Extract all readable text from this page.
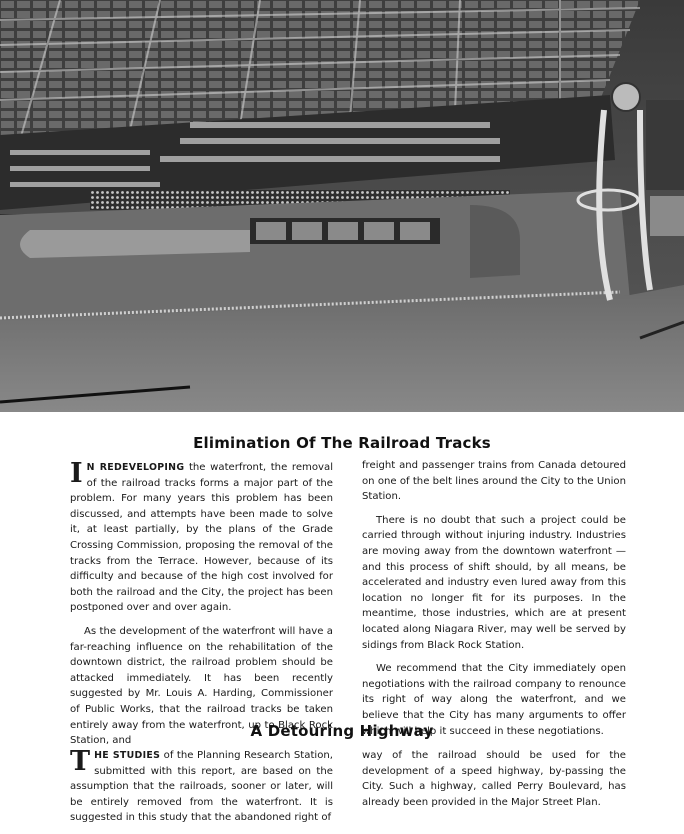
Elimination Of The Railroad Tracks

I N REDEVELOPING the waterfront, the removal of the railroad tracks forms a major part of the problem. For many years this problem has been discussed, and attempts have been made to solve it, at least partially, by the plans of the Grade Crossing Commission, proposing the removal of the tracks from the Terrace. However, because of its difficulty and because of the high cost involved for both the railroad and the City, the project has been postponed over and over again.

As the development of the waterfront will have a far-reaching influence on the rehabilitation of the downtown district, the railroad problem should be attacked immediately. It has been recently suggested by Mr. Louis A. Harding, Commissioner of Public Works, that the railroad tracks be taken entirely away from the waterfront, up to Black Rock Station, and

freight and passenger trains from Canada detoured on one of the belt lines around the City to the Union Station.

There is no doubt that such a project could be carried through without injuring industry. Industries are moving away from the downtown waterfront — and this process of shift should, by all means, be accelerated and industry even lured away from this location no longer fit for its purposes. In the meantime, those industries, which are at present located along Niagara River, may well be served by sidings from Black Rock Station.

We recommend that the City immediately open negotiations with the railroad company to renounce its right of way along the waterfront, and we believe that the City has many arguments to offer which will help it succeed in these negotiations.

A Detouring Highway

THE STUDIES of the Planning Research Station, submitted with this report, are based on the assumption that the railroads, sooner or later, will be entirely removed from the waterfront. It is suggested in this study that the abandoned right of

way of the railroad should be used for the development of a speed highway, by-passing the City. Such a highway, called Perry Boulevard, has already been provided in the Major Street Plan.
